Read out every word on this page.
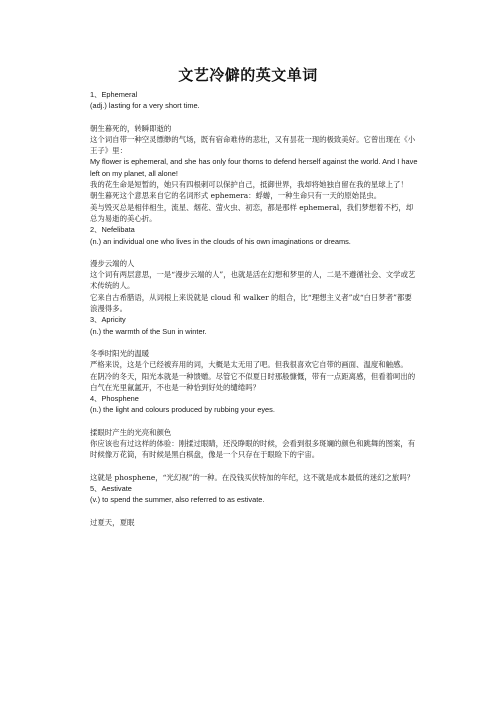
文艺冷僻的英文单词
1、Ephemeral
(adj.) lasting for a very short time.
朝生暮死的，转瞬即逝的
这个词自带一种空灵缥缈的气场，既有宿命难侍的悲壮，又有昙花一现的极致美好。它曾出现在《小王子》里：
My flower is ephemeral, and she has only four thorns to defend herself against the world. And I have left on my planet, all alone!
我的花生命是短暂的，她只有四根刺可以保护自己，抵御世界，我却将她独自留在我的星球上了！
朝生暮死这个意思来自它的名词形式 ephemera：蜉蝣，一种生命只有一天的原始昆虫。
美与毁灭总是相伴相生，流星、烟花、萤火虫、初恋，都是那样 ephemeral，我们梦想着不朽，却总为易逝的美心折。
2、Nefelibata
(n.) an individual one who lives in the clouds of his own imaginations or dreams.
漫步云端的人
这个词有两层意思，一是“漫步云端的人”，也就是活在幻想和梦里的人，二是不遵循社会、文学或艺术传统的人。
它来自古希腊语，从词根上来说就是 cloud 和 walker 的组合，比“理想主义者”或“白日梦者”都要浪漫得多。
3、Apricity
(n.) the warmth of the Sun in winter.
冬季时阳光的温暖
严格来说，这是个已经被弃用的词，大概是太无用了吧。但我很喜欢它自带的画面、温度和触感。
在阴冷的冬天，阳光本就是一种馈赠。尽管它不似夏日时那般慷慨，带有一点距离感，但看着呵出的白气在光里氤氲开，不也是一种恰到好处的缱绻吗？
4、Phosphene
(n.) the light and colours produced by rubbing your eyes.
揉眼时产生的光亮和颜色
你应该也有过这样的体验：刚揉过眼睛，还没睁眼的时候，会看到很多斑斓的颜色和跳舞的图案，有时候像万花筒，有时候是黑白棋盘，像是一个只存在于眼睑下的宇宙。
这就是 phosphene，“光幻视”的一种。在没钱买伏特加的年纪，这不就是成本最低的迷幻之旅吗？
5、Aestivate
(v.) to spend the summer, also referred to as estivate.
过夏天，夏眠
